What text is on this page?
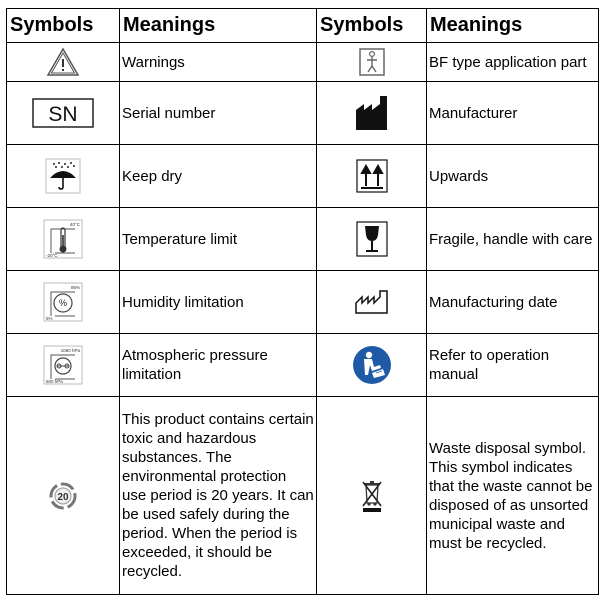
Symbols	Meanings	Symbols	Meanings

	Warnings		BF type application part

SN	Serial number		Manufacturer

	Keep dry		Upwards

40°C
-20°C	Temperature limit		Fragile, handle with care

%
85%
5%	Humidity limitation		Manufacturing date

1060 hPa
500 hPa	Atmospheric pressure limitation		Refer to operation manual

20	This product contains certain toxic and hazardous substances. The environmental protection use period is 20 years. It can be used safely during the period. When the period is exceeded, it should be recycled.		Waste disposal symbol. This symbol indicates that the waste cannot be disposed of as unsorted municipal waste and must be recycled.
